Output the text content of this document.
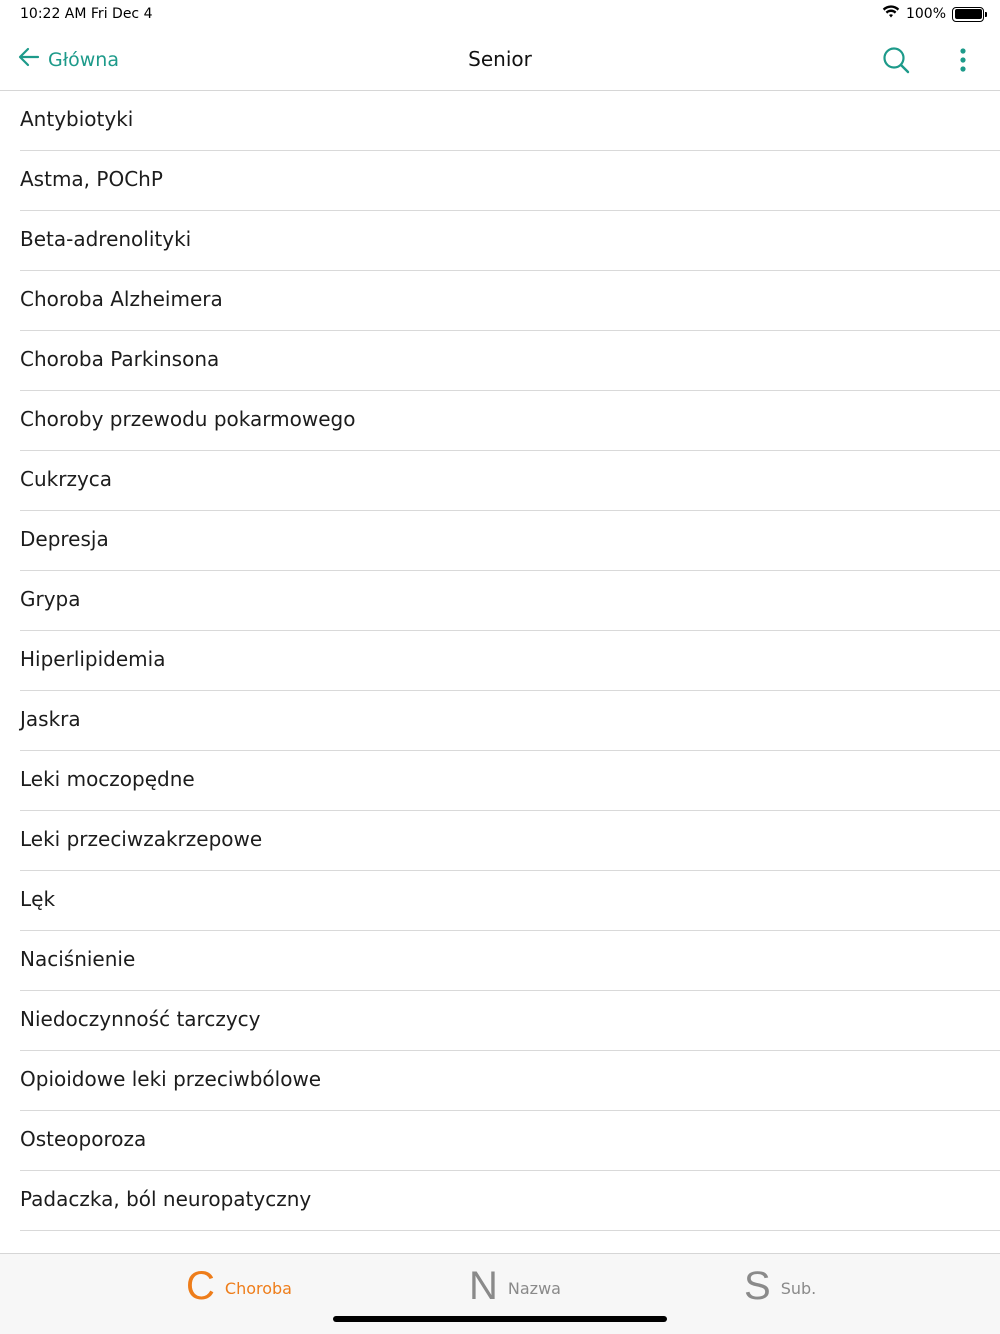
10:22 AM Fri Dec 4	100%
Główna	Senior
Antybiotyki
Astma, POChP
Beta-adrenolityki
Choroba Alzheimera
Choroba Parkinsona
Choroby przewodu pokarmowego
Cukrzyca
Depresja
Grypa
Hiperlipidemia
Jaskra
Leki moczopędne
Leki przeciwzakrzepowe
Lęk
Naciśnienie
Niedoczynność tarczycy
Opioidowe leki przeciwbólowe
Osteoporoza
Padaczka, ból neuropatyczny
C Choroba	N Nazwa	S Sub.
